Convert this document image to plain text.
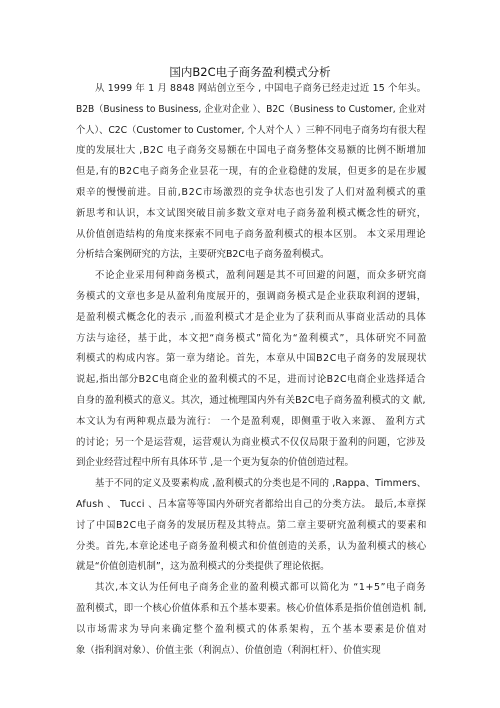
国内B2C电子商务盈利模式分析
从 1999 年 1 月 8848 网站创立至今 , 中国电子商务已经走过近 15 个年头。
B2B（Business to Business, 企业对企业 ）、B2C（Business to Customer, 企业对
个人）、C2C（Customer to Customer, 个人对个人 ）三种不同电子商务均有很大程
度的发展壮大 ,B2C 电子商务交易额在中国电子商务整体交易额的比例不断增加
但是,有的B2C电子商务企业昙花一现，有的企业稳健的发展，但更多的是在步履
艰辛的慢慢前进。目前,B2C市场激烈的竞争状态也引发了人们对盈利模式的重
新思考和认识，本文试图突破目前多数文章对电子商务盈利模式概念性的研究，
从价值创造结构的角度来探索不同电子商务盈利模式的根本区别。 本文采用理论
分析结合案例研究的方法，主要研究B2C电子商务盈利模式。
不论企业采用何种商务模式，盈利问题是其不可回避的问题，而众多研究商
务模式的文章也多是从盈利角度展开的，强调商务模式是企业获取利润的逻辑，
是盈利模式概念化的表示 ,而盈利模式才是企业为了获利而从事商业活动的具体
方法与途径，基于此，本文把“商务模式”简化为“盈利模式”，具体研究不同盈
利模式的构成内容。第一章为绪论。首先，本章从中国B2C电子商务的发展现状
说起,指出部分B2C电商企业的盈利模式的不足，进而讨论B2C电商企业选择适合
自身的盈利模式的意义。其次，通过梳理国内外有关B2C电子商务盈利模式的文 献,
本文认为有两种观点最为流行： 一个是盈利观，即侧重于收入来源、 盈利方式
的讨论；另一个是运营观，运营观认为商业模式不仅仅局限于盈利的问题，它涉及
到企业经营过程中所有具体环节 ,是一个更为复杂的价值创造过程。
基于不同的定义及要素构成 ,盈利模式的分类也是不同的 ,Rappa、Timmers、
Afush 、 Tucci 、吕本富等等国内外研究者都给出自己的分类方法。 最后,本章探
讨了中国B2C电子商务的发展历程及其特点。第二章主要研究盈利模式的要素和
分类。首先,本章论述电子商务盈利模式和价值创造的关系，认为盈利模式的核心
就是“价值创造机制”，这为盈利模式的分类提供了理论依据。
其次,本文认为任何电子商务企业的盈利模式都可以简化为 “1+5”电子商务
盈利模式，即一个核心价值体系和五个基本要素。核心价值体系是指价值创造机 制,
以市场需求为导向来确定整个盈利模式的体系架构，五个基本要素是价值对
象（指利润对象）、价值主张（利润点）、价值创造（利润杠杆）、价值实现
